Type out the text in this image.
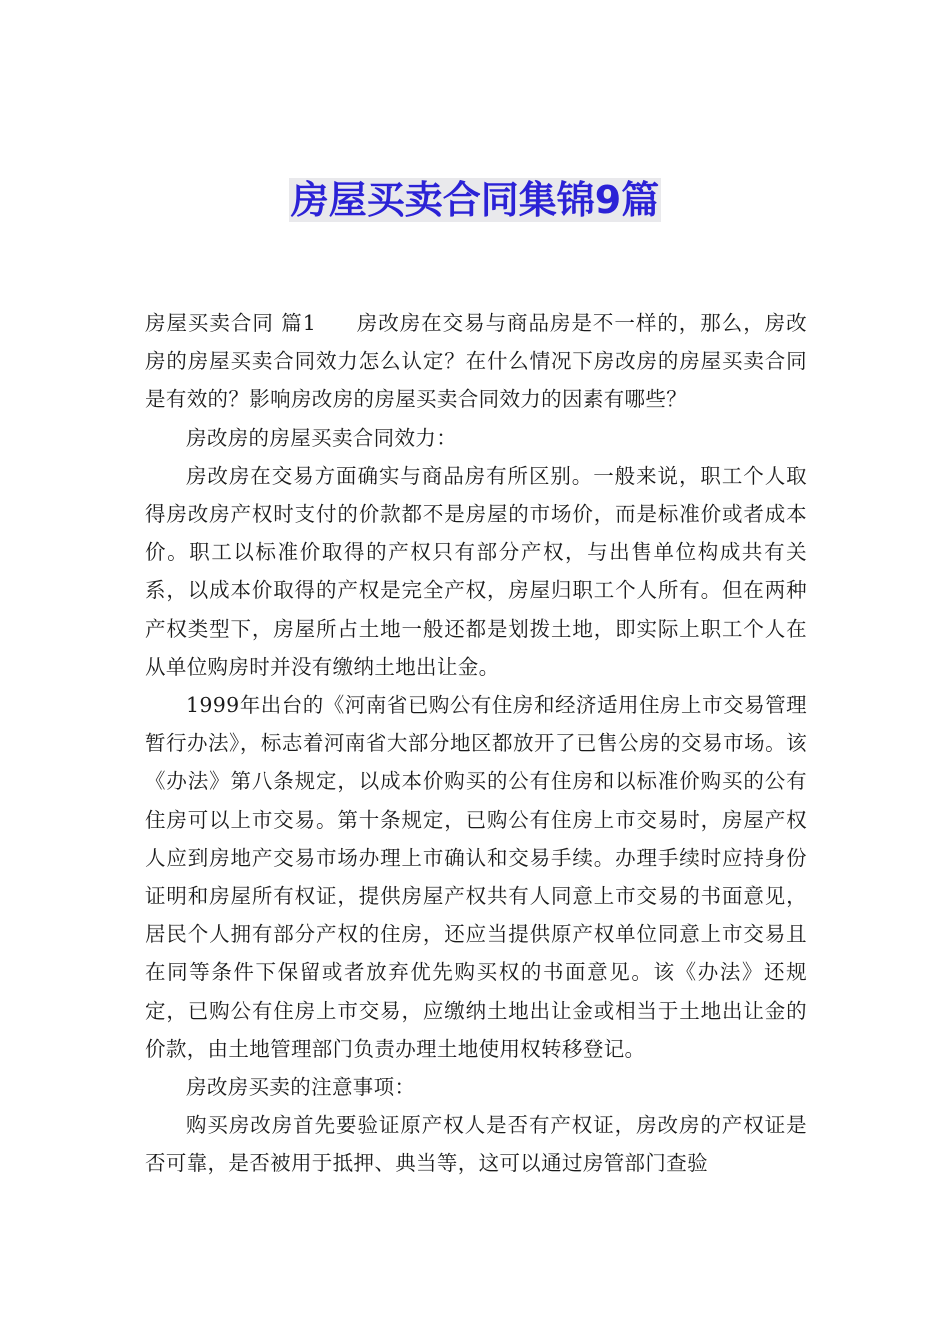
房屋买卖合同集锦9篇

房屋买卖合同 篇1 房改房在交易与商品房是不一样的，那么，房改房的房屋买卖合同效力怎么认定？在什么情况下房改房的房屋买卖合同是有效的？影响房改房的房屋买卖合同效力的因素有哪些？

房改房的房屋买卖合同效力：

房改房在交易方面确实与商品房有所区别。一般来说，职工个人取得房改房产权时支付的价款都不是房屋的市场价，而是标准价或者成本价。职工以标准价取得的产权只有部分产权，与出售单位构成共有关系，以成本价取得的产权是完全产权，房屋归职工个人所有。但在两种产权类型下，房屋所占土地一般还都是划拨土地，即实际上职工个人在从单位购房时并没有缴纳土地出让金。

1999年出台的《河南省已购公有住房和经济适用住房上市交易管理暂行办法》，标志着河南省大部分地区都放开了已售公房的交易市场。该《办法》第八条规定，以成本价购买的公有住房和以标准价购买的公有住房可以上市交易。第十条规定，已购公有住房上市交易时，房屋产权人应到房地产交易市场办理上市确认和交易手续。办理手续时应持身份证明和房屋所有权证，提供房屋产权共有人同意上市交易的书面意见，居民个人拥有部分产权的住房，还应当提供原产权单位同意上市交易且在同等条件下保留或者放弃优先购买权的书面意见。该《办法》还规定，已购公有住房上市交易，应缴纳土地出让金或相当于土地出让金的价款，由土地管理部门负责办理土地使用权转移登记。

房改房买卖的注意事项：

购买房改房首先要验证原产权人是否有产权证，房改房的产权证是否可靠，是否被用于抵押、典当等，这可以通过房管部门查验
